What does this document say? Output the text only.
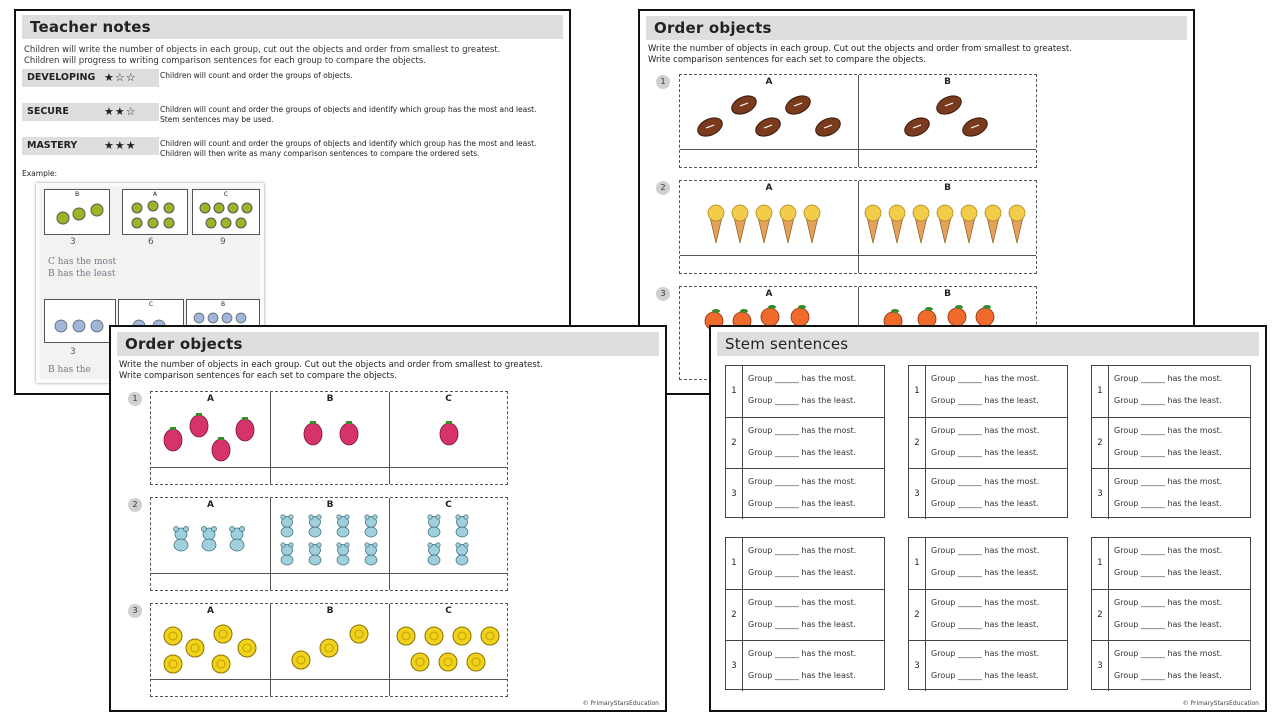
Teacher notes
Children will write the number of objects in each group, cut out the objects and order from smallest to greatest.
Children will progress to writing comparison sentences for each group to compare the objects.
DEVELOPING ★☆☆	Children will count and order the groups of objects.
SECURE	★★☆	Children will count and order the groups of objects and identify which group has the most and least.
Stem sentences may be used.
MASTERY	★★★	Children will count and order the groups of objects and identify which group has the most and least.
Children will then write as many comparison sentences to compare the ordered sets.
Example:
B	A	C
3	6	9
C has the most
B has the least
C	B
3
B has the
Order objects
Write the number of objects in each group. Cut out the objects and order from smallest to greatest.
Write comparison sentences for each set to compare the objects.
1	A	B
2	A	B
3	A	B
Order objects
Write the number of objects in each group. Cut out the objects and order from smallest to greatest.
Write comparison sentences for each set to compare the objects.
1	A	B	C
2	A	B	C
3	A	B	C
© PrimaryStarsEducation
Stem sentences
1
Group ______ has the most.
Group ______ has the least.
2
Group ______ has the most.
Group ______ has the least.
3
Group ______ has the most.
Group ______ has the least.
1
Group ______ has the most.
Group ______ has the least.
2
Group ______ has the most.
Group ______ has the least.
3
Group ______ has the most.
Group ______ has the least.
1
Group ______ has the most.
Group ______ has the least.
2
Group ______ has the most.
Group ______ has the least.
3
Group ______ has the most.
Group ______ has the least.
1
Group ______ has the most.
Group ______ has the least.
2
Group ______ has the most.
Group ______ has the least.
3
Group ______ has the most.
Group ______ has the least.
1
Group ______ has the most.
Group ______ has the least.
2
Group ______ has the most.
Group ______ has the least.
3
Group ______ has the most.
Group ______ has the least.
1
Group ______ has the most.
Group ______ has the least.
2
Group ______ has the most.
Group ______ has the least.
3
Group ______ has the most.
Group ______ has the least.
© PrimaryStarsEducation
